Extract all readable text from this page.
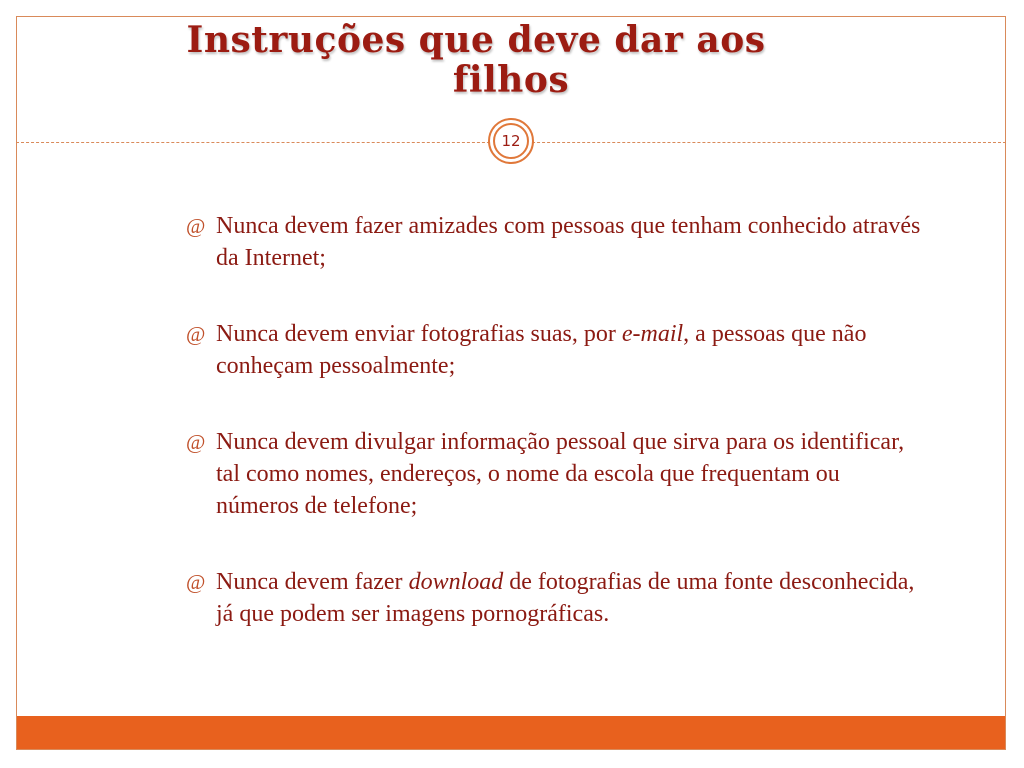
Instruções que deve dar aos
filhos
12
@ Nunca devem fazer amizades com pessoas que tenham conhecido através da Internet;
@ Nunca devem enviar fotografias suas, por e-mail, a pessoas que não conheçam pessoalmente;
@ Nunca devem divulgar informação pessoal que sirva para os identificar, tal como nomes, endereços, o nome da escola que frequentam ou números de telefone;
@ Nunca devem fazer download de fotografias de uma fonte desconhecida, já que podem ser imagens pornográficas.
